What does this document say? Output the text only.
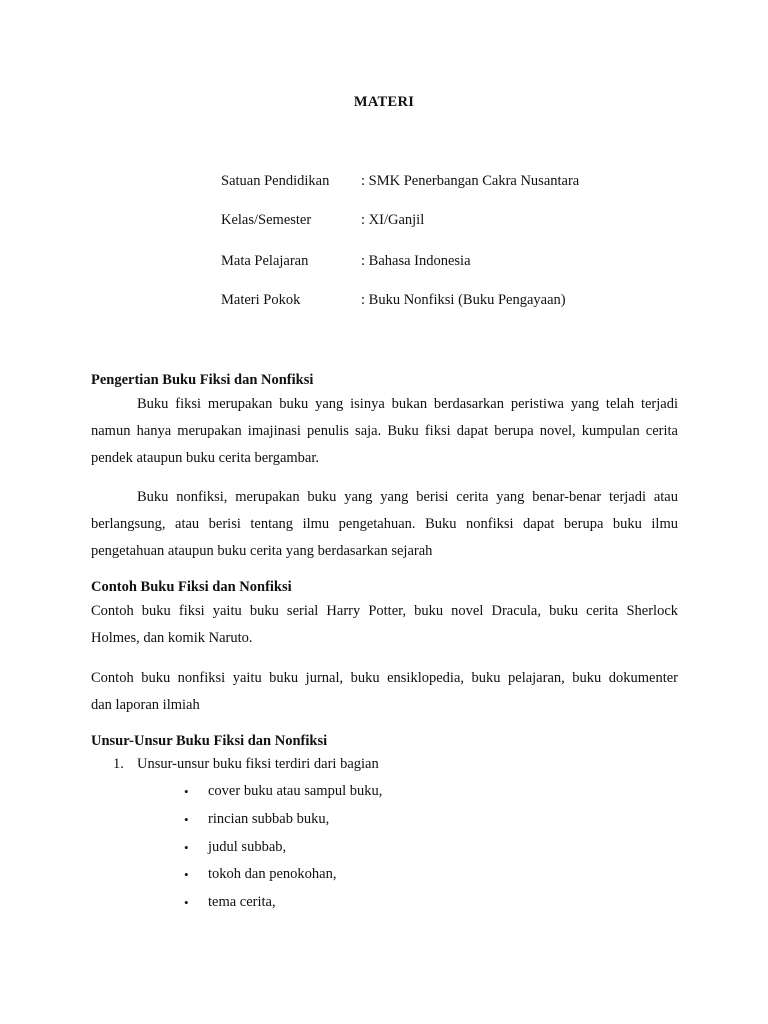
MATERI
Satuan Pendidikan : SMK Penerbangan Cakra Nusantara
Kelas/Semester	: XI/Ganjil
Mata Pelajaran	: Bahasa Indonesia
Materi Pokok	: Buku Nonfiksi (Buku Pengayaan)
Pengertian Buku Fiksi dan Nonfiksi
Buku fiksi merupakan buku yang isinya bukan berdasarkan peristiwa yang telah terjadi
namun hanya merupakan imajinasi penulis saja. Buku fiksi dapat berupa novel, kumpulan cerita
pendek ataupun buku cerita bergambar.
Buku nonfiksi, merupakan buku yang yang berisi cerita yang benar-benar terjadi atau
berlangsung, atau berisi tentang ilmu pengetahuan. Buku nonfiksi dapat berupa buku ilmu
pengetahuan ataupun buku cerita yang berdasarkan sejarah
Contoh Buku Fiksi dan Nonfiksi
Contoh buku fiksi yaitu buku serial Harry Potter, buku novel Dracula, buku cerita Sherlock
Holmes, dan komik Naruto.
Contoh buku nonfiksi yaitu buku jurnal, buku ensiklopedia, buku pelajaran, buku dokumenter
dan laporan ilmiah
Unsur-Unsur Buku Fiksi dan Nonfiksi
1. Unsur-unsur buku fiksi terdiri dari bagian
• cover buku atau sampul buku,
• rincian subbab buku,
• judul subbab,
• tokoh dan penokohan,
• tema cerita,
